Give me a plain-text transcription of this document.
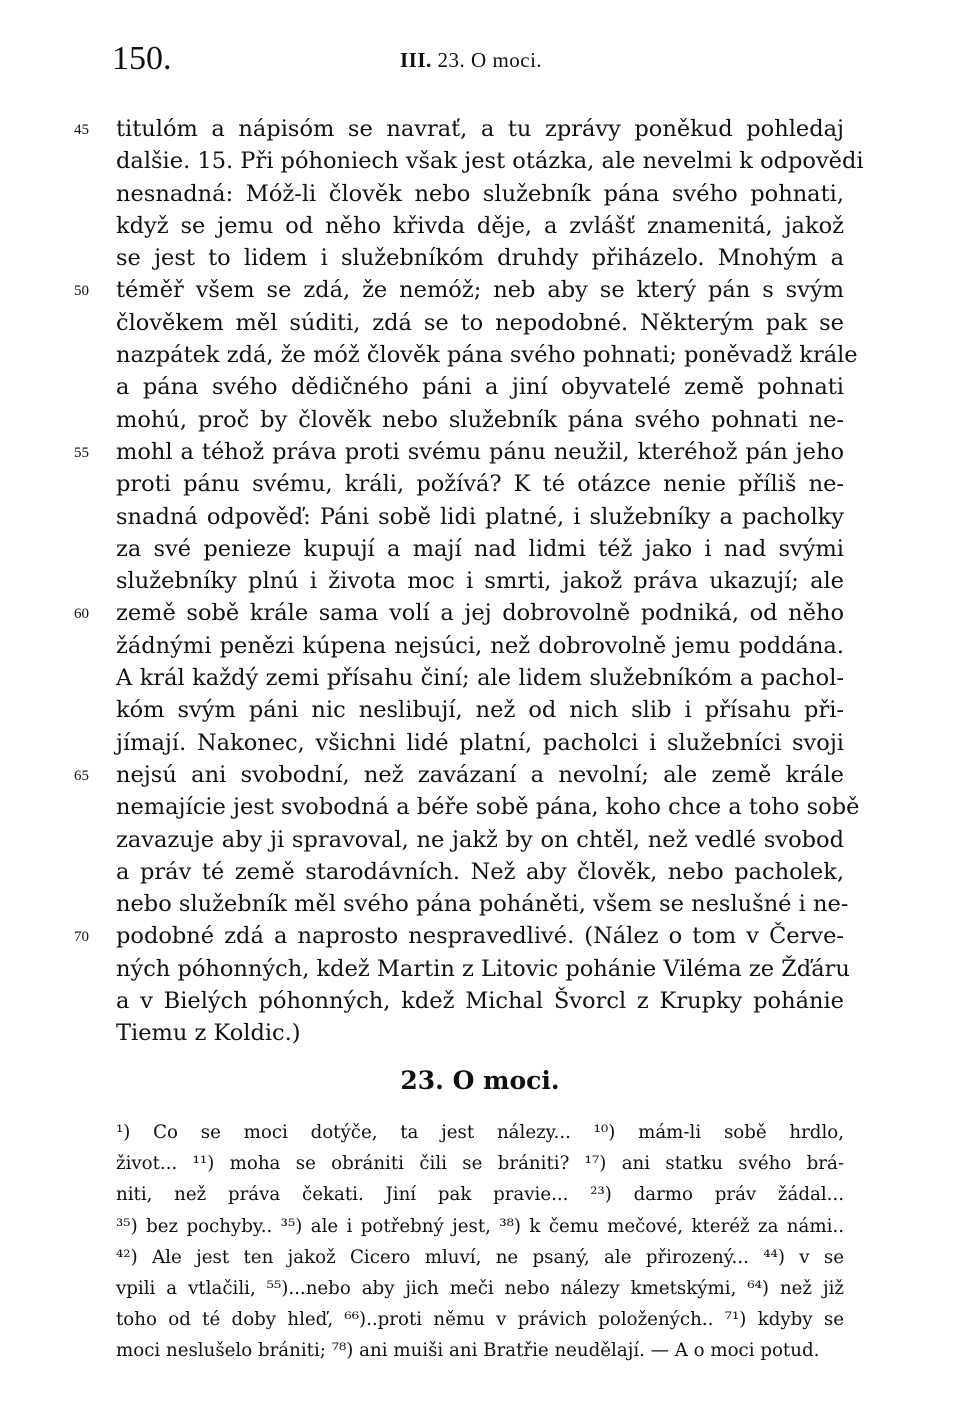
150.	III. 23. O moci.
45	titulóm a nápisóm se navrať, a tu zprávy poněkud pohledaj
dalšie. 15. Při póhoniech však jest otázka, ale nevelmi k odpovědi
nesnadná: Móž-li člověk nebo služebník pána svého pohnati,
když se jemu od něho křivda děje, a zvlášť znamenitá, jakož
se jest to lidem i služebníkóm druhdy přiházelo. Mnohým a
50	téměř všem se zdá, že nemóž; neb aby se který pán s svým
člověkem měl súditi, zdá se to nepodobné. Některým pak se
nazpátek zdá, že móž člověk pána svého pohnati; poněvadž krále
a pána svého dědičného páni a jiní obyvatelé země pohnati
mohú, proč by člověk nebo služebník pána svého pohnati ne-
55	mohl a téhož práva proti svému pánu neužil, kteréhož pán jeho
proti pánu svému, králi, požívá? K té otázce nenie příliš ne-
snadná odpověď: Páni sobě lidi platné, i služebníky a pacholky
za své penieze kupují a mají nad lidmi též jako i nad svými
služebníky plnú i života moc i smrti, jakož práva ukazují; ale
60	země sobě krále sama volí a jej dobrovolně podniká, od něho
žádnými penězi kúpena nejsúci, než dobrovolně jemu poddána.
A král každý zemi přísahu činí; ale lidem služebníkóm a pachol-
kóm svým páni nic neslibují, než od nich slib i přísahu při-
jímají. Nakonec, všichni lidé platní, pacholci i služebníci svoji
65	nejsú ani svobodní, než zavázaní a nevolní; ale země krále
nemajície jest svobodná a béře sobě pána, koho chce a toho sobě
zavazuje aby ji spravoval, ne jakž by on chtěl, než vedlé svobod
a práv té země starodávních. Než aby člověk, nebo pacholek,
nebo služebník měl svého pána poháněti, všem se neslušné i ne-
70	podobné zdá a naprosto nespravedlivé. (Nález o tom v Červe-
ných póhonných, kdež Martin z Litovic pohánie Viléma ze Žďáru
a v Bielých póhonných, kdež Michal Švorcl z Krupky pohánie
Tiemu z Koldic.)
23. O moci.
¹) Co se moci dotýče, ta jest nálezy... ¹⁰) mám-li sobě hrdlo,
život... ¹¹) moha se obrániti čili se brániti? ¹⁷) ani statku svého brá-
niti, než práva čekati. Jiní pak pravie... ²³) darmo práv žádal...
³⁵) bez pochyby.. ³⁵) ale i potřebný jest, ³⁸) k čemu mečové, kteréž za námi..
⁴²) Ale jest ten jakož Cicero mluví, ne psaný, ale přirozený... ⁴⁴) v se
vpili a vtlačili, ⁵⁵)...nebo aby jich meči nebo nálezy kmetskými, ⁶⁴) než již
toho od té doby hleď, ⁶⁶)..proti němu v právich položených.. ⁷¹) kdyby se
moci neslušelo brániti; ⁷⁸) ani muiši ani Bratřie neudělají. — A o moci potud.
